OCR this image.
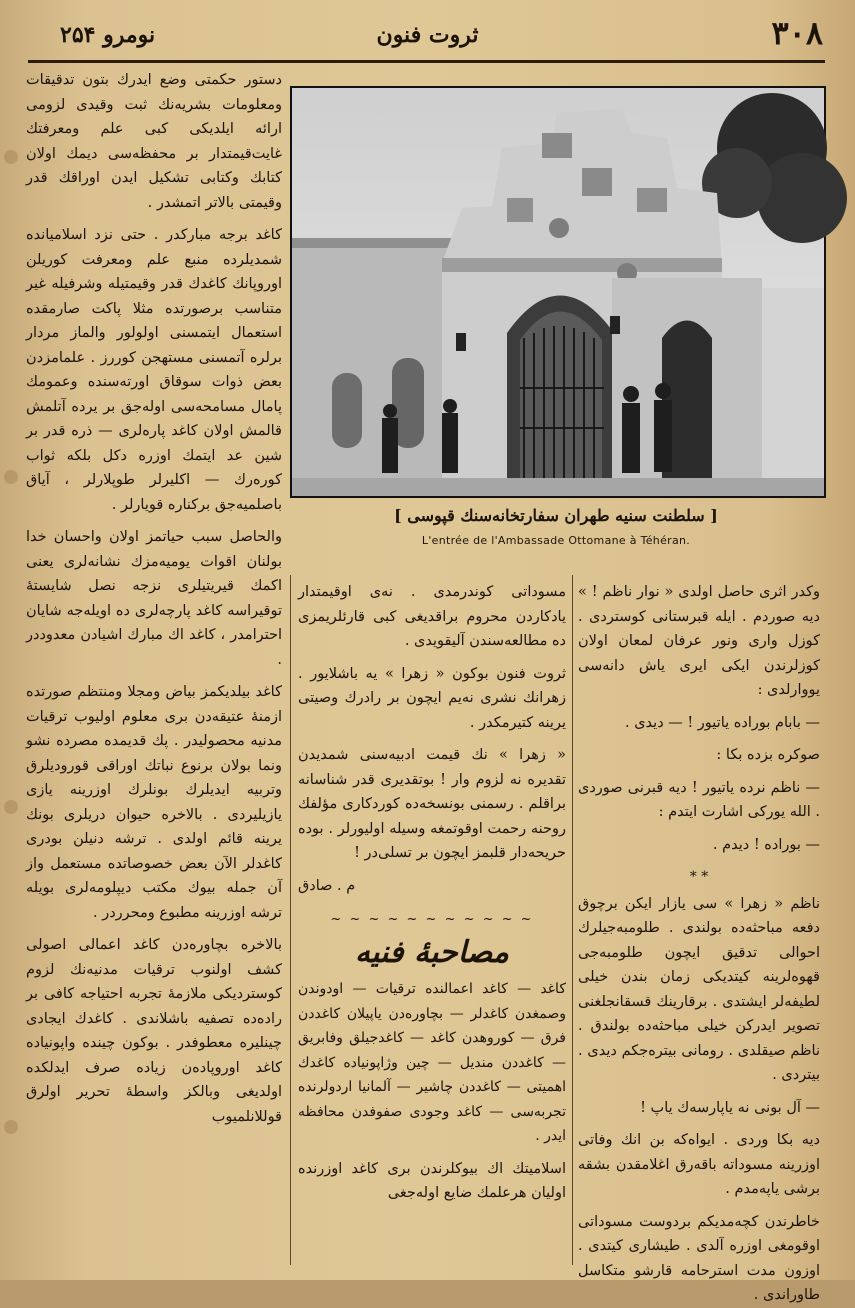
۳۰۸
ثروت فنون
نومرو ۲۵۴
[ سلطنت سنیه طهران سفارتخانه‌سنك قپوسی ]
L'entrée de l'Ambassade Ottomane à Téhéran.

دستور حکمتی وضع ایدرك بتون تدقیقات ومعلومات بشریه‌نك ثبت وقیدی لزومی ارائه ایلدیکی کبی علم ومعرفتك غایت‌قیمتدار بر محفظه‌سی دیمك اولان کتابك وکتابی تشکیل ایدن اوراقك قدر وقیمتی بالاتر اتمشدر .

کاغد برجه مبارکدر . حتی نزد اسلامیانده شمدیلرده منبع علم ومعرفت کوریلن اوروپانك کاغدك قدر وقیمتیله وشرفیله غیر متناسب برصورتده مثلا پاکت صارمقده استعمال ایتمسنی اولولور والماز مردار برلره آتمسنی مستهجن کوررز . علمامزدن بعض ذوات سوقاق اورته‌سنده وعمومك پامال مسامحه‌سی اوله‌جق بر یرده آتلمش قالمش اولان کاغد پاره‌لری — ذره قدر بر شین عد ایتمك اوزره دکل بلکه ثواب کوره‌رك — اکلیرلر طوپلارلر ، آیاق باصلمیه‌جق برکناره قویارلر .

والحاصل سبب حیاتمز اولان واحسان خدا بولنان اقوات یومیه‌مزك نشانه‌لری یعنی اکمك قیریتیلری نزجه نصل شایستهٔ توقیراسه کاغد پارچه‌لری ده اویله‌جه شایان احترامدر ، کاغد اك مبارك اشیادن معدوددر .

کاغد بیلدیکمز بیاض ومجلا ومنتظم صورتده ازمنهٔ عتیقه‌دن بری معلوم اولیوب ترقیات مدنیه محصولیدر . پك قدیمده مصرده نشو ونما بولان برنوع نباتك اوراقی قورودیلرق وتربیه ایدیلرك بونلرك اوزرینه یازی یازیلیردی . بالاخره حیوان دریلری بونك یرینه قائم اولدی . ترشه دنیلن بودری کاغدلر الآن بعض خصوصاتده مستعمل واز آن جمله بیوك مکتب دیپلومه‌لری بویله ترشه اوزرینه مطبوع ومحرردر .

بالاخره بچاوره‌دن کاغد اعمالی اصولی کشف اولنوب ترقیات مدنیه‌نك لزوم کوستردیکی ملازمهٔ تجربه احتیاجه کافی بر راده‌ده تصفیه باشلاندی . کاغدك ایجادی چینلیره معطوفدر . بوکون چینده‌ واپونیاده کاغد اوروپاده‌ن زیاده صرف ایدلکده اولدیغی وبالکز واسطهٔ تحریر اولرق قوللانلمیوب

مسوداتی کوندرمدی . نه‌ی اوقیمتدار یادکاردن محروم براقدیغی کبی قارئلریمزی ده مطالعه‌سندن آلیقویدی .

ثروت فنون بوکون « زهرا » یه باشلایور . زهرانك نشری نه‌یم ایچون بر رادرك وصیتی یرینه کتیرمکدر .

« زهرا » نك قیمت ادبیه‌سنی شمدیدن تقدیره نه لزوم وار ! بوتقدیری قدر شناسانه براقلم . رسمنی بونسخه‌ده کوردکاری مؤلفك روحنه رحمت اوقوتمغه وسیله اولیورلر . بوده حریحه‌دار قلبمز ایچون بر تسلی‌در !

م . صادق
~ ~ ~ ~ ~ ~ ~ ~ ~ ~ ~
مصاحبهٔ فنیه

کاغد — کاغد اعمالنده ترقیات — اودوندن وصمغدن کاغدلر — بچاوره‌دن یاپیلان کاغددن فرق — کوروهدن کاغد — کاغدجیلق وفابریق — کاغددن مندیل — چین وژاپونیاده کاغدك اهمیتی — کاغددن چاشیر — آلمانیا اردولرنده تجربه‌سی — کاغد وجودی صفوفدن محافظه ایدر .

اسلامیتك اك بیوکلرندن بری کاغد اوزرنده اولیان هرعلمك ضایع اوله‌جغی

وکدر اثری حاصل اولدی « نوار ناظم ! » دیه صوردم . ایله قبرستانی کوستردی . کوزل واری ونور عرفان لمعان اولان کوزلرندن ایکی ایری یاش دانه‌سی یووارلدی :

— بابام بوراده یاتیور ! — دیدی .

صوکره بزده بکا :

— ناظم نرده یاتیور ! دیه قبرنی صوردی . الله یورکی اشارت ایتدم :

— بوراده ! دیدم .

* *

ناظم « زهرا » سی یازار ایکن برچوق دفعه مباحثه‌ده بولندی . طلومبه‌جیلرك احوالی تدقیق ایچون طلومبه‌جی قهوه‌لرینه کیتدیکی زمان بندن خیلی لطیفه‌لر ایشتدی . برقارینك قسقانجلغنی تصویر ایدرکن خیلی مباحثه‌ده بولندق . ناظم صیقلدی . رومانی بیتره‌جکم دیدی . بیتردی .

— آل بونی نه یاپارسه‌ك یاپ !

دیه بکا وردی . ایواه‌که بن انك وفاتی اوزرینه مسوداته باقه‌رق اغلامقدن بشقه برشی یاپه‌مدم .

خاطرندن کچه‌مدیکم بردوست مسوداتی اوقومغی اوزره آلدی . طیشاری کیتدی . اوزون مدت استرحامه قارشو متکاسل طاوراندی .
